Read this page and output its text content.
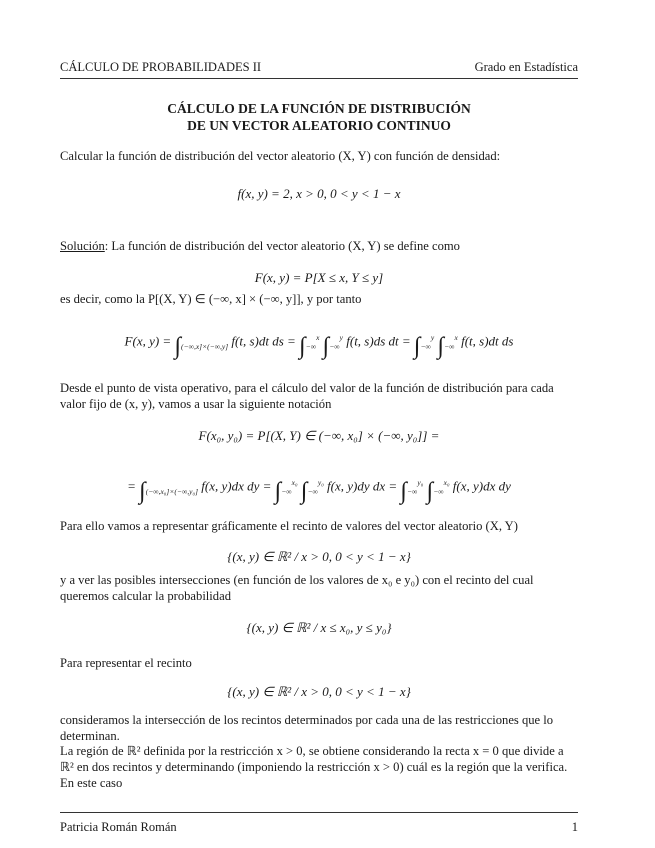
CÁLCULO DE PROBABILIDADES II	Grado en Estadística
CÁLCULO DE LA FUNCIÓN DE DISTRIBUCIÓN
DE UN VECTOR ALEATORIO CONTINUO
Calcular la función de distribución del vector aleatorio (X, Y) con función de densidad:
f(x, y) = 2, x > 0, 0 < y < 1 − x
Solución: La función de distribución del vector aleatorio (X, Y) se define como
F(x, y) = P[X ≤ x, Y ≤ y]
es decir, como la P[(X, Y) ∈ (−∞, x] × (−∞, y]], y por tanto
F(x, $y) = \int_{(-\infty,x]\times(-\infty,y]}$ f(t, s)dt ds = $\int_{-\infty}^x$ $\int_{-\infty}^y$ f(t, s)ds dt = $\int_{-\infty}^y$ $\int_{-\infty}^x$ f(t, s)dt ds
Desde el punto de vista operativo, para el cálculo del valor de la función de distribución para cada valor fijo de (x, y), vamos a usar la siguiente notación
F(x₀, y₀) = P[(X, Y) ∈ (−∞, x₀] × (−∞, y₀]] =
= $\int_{(-\infty,x_0]\times(-\infty,y_0]}$ f(x, y)dx dy = $\int_{-\infty}^{x_0}$ $\int_{-\infty}^{y_0}$ f(x, y)dy dx = $\int_{-\infty}^{y_0}$ $\int_{-\infty}^{x_0}$ f(x, y)dx dy
Para ello vamos a representar gráficamente el recinto de valores del vector aleatorio (X, Y)
{(x, y) ∈ ℝ² / x > 0, 0 < y < 1 − x}
y a ver las posibles intersecciones (en función de los valores de x₀ e y₀) con el recinto del cual queremos calcular la probabilidad
{(x, y) ∈ ℝ² / x ≤ x₀, y ≤ y₀}
Para representar el recinto
{(x, y) ∈ ℝ² / x > 0, 0 < y < 1 − x}
consideramos la intersección de los recintos determinados por cada una de las restricciones que lo determinan.
La región de ℝ² definida por la restricción x > 0, se obtiene considerando la recta x = 0 que divide a ℝ² en dos recintos y determinando (imponiendo la restricción x > 0) cuál es la región que la verifica. En este caso
Patricia Román Román	1
